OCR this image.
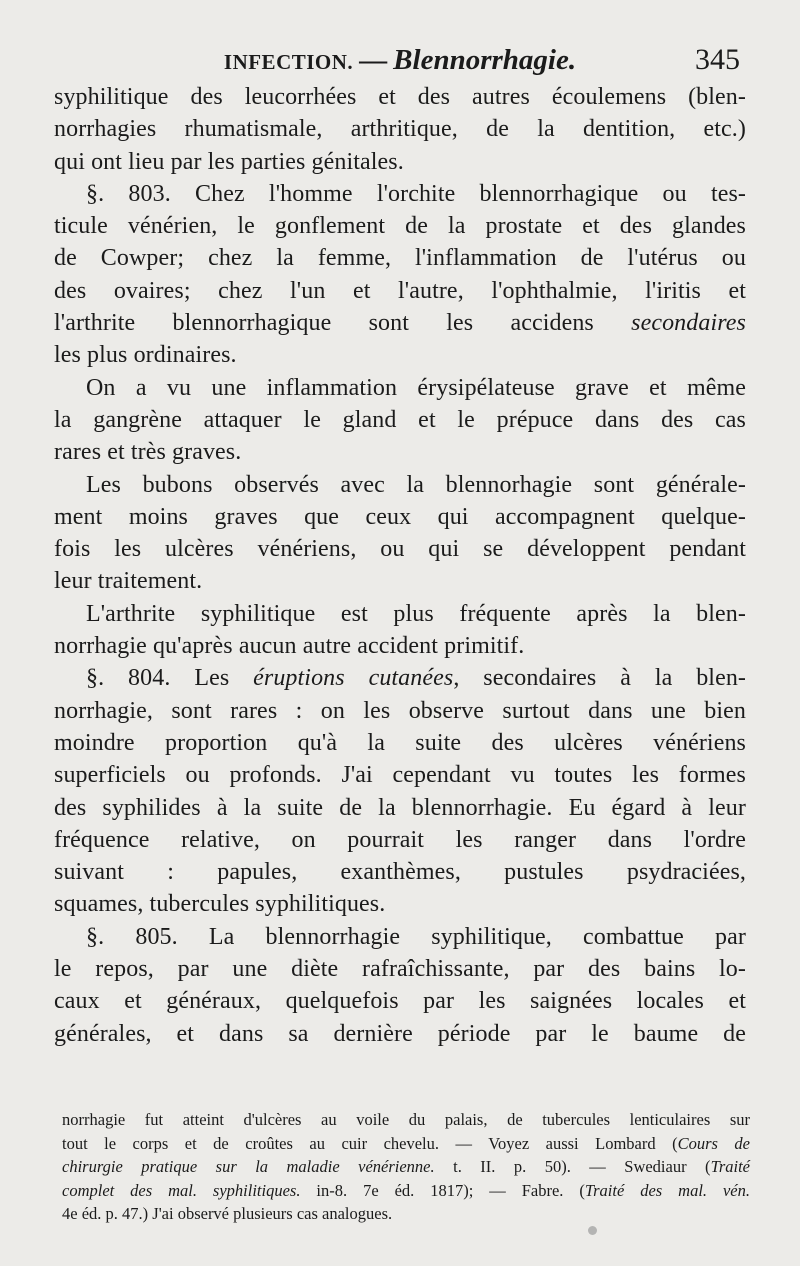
INFECTION. — Blennorrhagie.	345
syphilitique des leucorrhées et des autres écoulemens (blen-
norrhagies rhumatismale, arthritique, de la dentition, etc.)
qui ont lieu par les parties génitales.
§. 803. Chez l'homme l'orchite blennorrhagique ou tes-
ticule vénérien, le gonflement de la prostate et des glandes
de Cowper; chez la femme, l'inflammation de l'utérus ou
des ovaires; chez l'un et l'autre, l'ophthalmie, l'iritis et
l'arthrite blennorrhagique sont les accidens secondaires
les plus ordinaires.
On a vu une inflammation érysipélateuse grave et même
la gangrène attaquer le gland et le prépuce dans des cas
rares et très graves.
Les bubons observés avec la blennorhagie sont générale-
ment moins graves que ceux qui accompagnent quelque-
fois les ulcères vénériens, ou qui se développent pendant
leur traitement.
L'arthrite syphilitique est plus fréquente après la blen-
norrhagie qu'après aucun autre accident primitif.
§. 804. Les éruptions cutanées, secondaires à la blen-
norrhagie, sont rares : on les observe surtout dans une bien
moindre proportion qu'à la suite des ulcères vénériens
superficiels ou profonds. J'ai cependant vu toutes les formes
des syphilides à la suite de la blennorrhagie. Eu égard à leur
fréquence relative, on pourrait les ranger dans l'ordre
suivant : papules, exanthèmes, pustules psydraciées,
squames, tubercules syphilitiques.
§. 805. La blennorrhagie syphilitique, combattue par
le repos, par une diète rafraîchissante, par des bains lo-
caux et généraux, quelquefois par les saignées locales et
générales, et dans sa dernière période par le baume de
norrhagie fut atteint d'ulcères au voile du palais, de tubercules lenticulaires sur
tout le corps et de croûtes au cuir chevelu. — Voyez aussi Lombard (Cours de
chirurgie pratique sur la maladie vénérienne. t. II. p. 50). — Swediaur (Traité
complet des mal. syphilitiques. in-8. 7e éd. 1817); — Fabre. (Traité des mal. vén.
4e éd. p. 47.) J'ai observé plusieurs cas analogues.
